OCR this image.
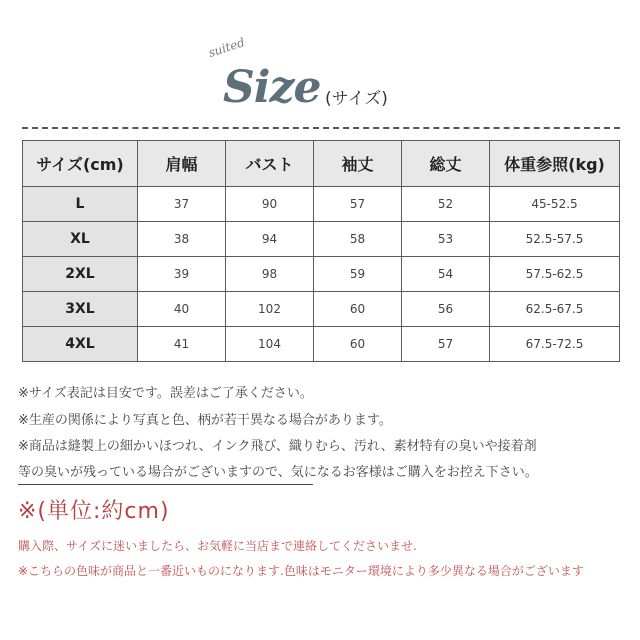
suited
Size (サイズ)
サイズ(cm)	肩幅	バスト	袖丈	総丈	体重参照(kg)
L	37	90	57	52	45-52.5
XL	38	94	58	53	52.5-57.5
2XL	39	98	59	54	57.5-62.5
3XL	40	102	60	56	62.5-67.5
4XL	41	104	60	57	67.5-72.5
※サイズ表記は目安です。誤差はご了承ください。
※生産の関係により写真と色、柄が若干異なる場合があります。
※商品は縫製上の細かいほつれ、インク飛び、織りむら、汚れ、素材特有の臭いや接着剤
等の臭いが残っている場合がございますので、気になるお客様はご購入をお控え下さい。
※(単位:約cm)
購入際、サイズに迷いましたら、お気軽に当店まで連絡してくださいませ.
※こちらの色味が商品と一番近いものになります.色味はモニター環境により多少異なる場合がございます
